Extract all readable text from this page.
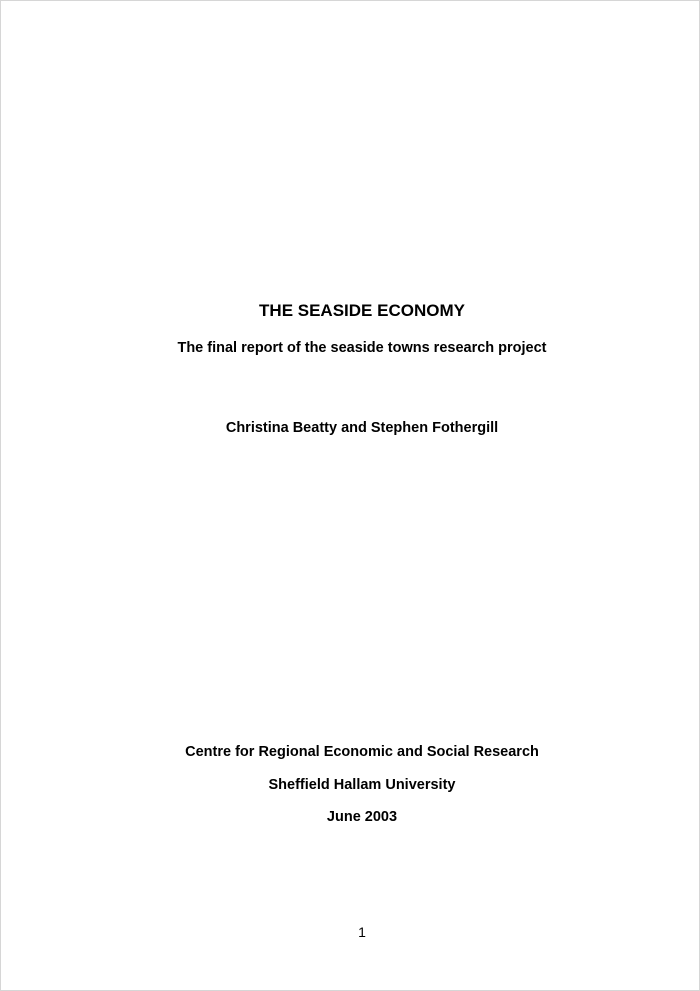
THE SEASIDE ECONOMY
The final report of the seaside towns research project
Christina Beatty and Stephen Fothergill
Centre for Regional Economic and Social Research
Sheffield Hallam University
June 2003
1
